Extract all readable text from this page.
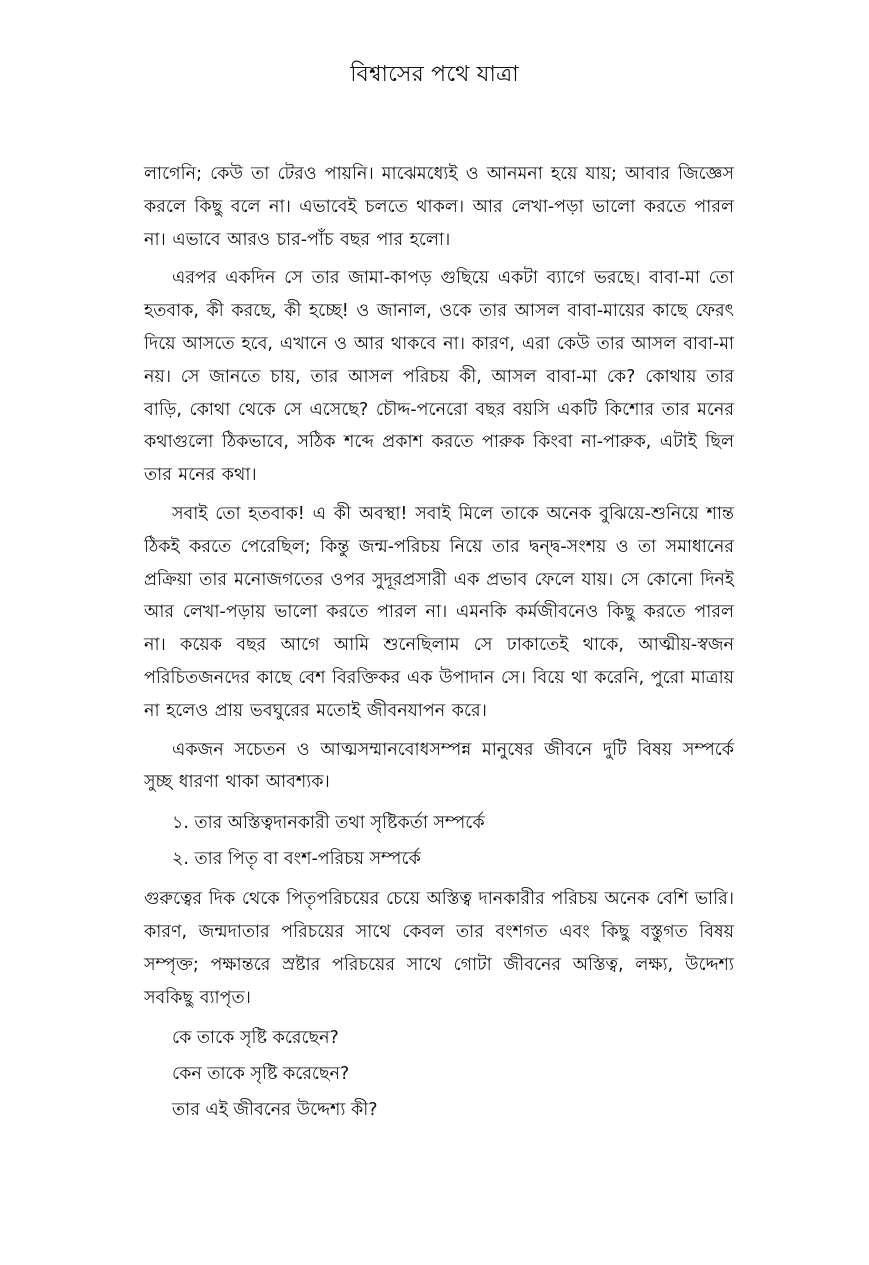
বিশ্বাসের পথে যাত্রা

লাগেনি; কেউ তা টেরও পায়নি। মাঝেমধ্যেই ও আনমনা হয়ে যায়; আবার জিজ্ঞেস করলে কিছু বলে না। এভাবেই চলতে থাকল। আর লেখা-পড়া ভালো করতে পারল না। এভাবে আরও চার-পাঁচ বছর পার হলো।

এরপর একদিন সে তার জামা-কাপড় গুছিয়ে একটা ব্যাগে ভরছে। বাবা-মা তো হতবাক, কী করছে, কী হচ্ছে! ও জানাল, ওকে তার আসল বাবা-মায়ের কাছে ফেরৎ দিয়ে আসতে হবে, এখানে ও আর থাকবে না। কারণ, এরা কেউ তার আসল বাবা-মা নয়। সে জানতে চায়, তার আসল পরিচয় কী, আসল বাবা-মা কে? কোথায় তার বাড়ি, কোথা থেকে সে এসেছে? চৌদ্দ-পনেরো বছর বয়সি একটি কিশোর তার মনের কথাগুলো ঠিকভাবে, সঠিক শব্দে প্রকাশ করতে পারুক কিংবা না-পারুক, এটাই ছিল তার মনের কথা।

সবাই তো হতবাক! এ কী অবস্থা! সবাই মিলে তাকে অনেক বুঝিয়ে-শুনিয়ে শান্ত ঠিকই করতে পেরেছিল; কিন্তু জন্ম-পরিচয় নিয়ে তার দ্বন্দ্ব-সংশয় ও তা সমাধানের প্রক্রিয়া তার মনোজগতের ওপর সুদূরপ্রসারী এক প্রভাব ফেলে যায়। সে কোনো দিনই আর লেখা-পড়ায় ভালো করতে পারল না। এমনকি কর্মজীবনেও কিছু করতে পারল না। কয়েক বছর আগে আমি শুনেছিলাম সে ঢাকাতেই থাকে, আত্মীয়-স্বজন পরিচিতজনদের কাছে বেশ বিরক্তিকর এক উপাদান সে। বিয়ে থা করেনি, পুরো মাত্রায় না হলেও প্রায় ভবঘুরের মতোই জীবনযাপন করে।

একজন সচেতন ও আত্মসম্মানবোধসম্পন্ন মানুষের জীবনে দুটি বিষয় সম্পর্কে সুচ্ছ ধারণা থাকা আবশ্যক।

১. তার অস্তিত্বদানকারী তথা সৃষ্টিকর্তা সম্পর্কে
২. তার পিতৃ বা বংশ-পরিচয় সম্পর্কে

গুরুত্বের দিক থেকে পিতৃপরিচয়ের চেয়ে অস্তিত্ব দানকারীর পরিচয় অনেক বেশি ভারি। কারণ, জন্মদাতার পরিচয়ের সাথে কেবল তার বংশগত এবং কিছু বস্তুগত বিষয় সম্পৃক্ত; পক্ষান্তরে স্রষ্টার পরিচয়ের সাথে গোটা জীবনের অস্তিত্ব, লক্ষ্য, উদ্দেশ্য সবকিছু ব্যাপৃত।

কে তাকে সৃষ্টি করেছেন?
কেন তাকে সৃষ্টি করেছেন?
তার এই জীবনের উদ্দেশ্য কী?
